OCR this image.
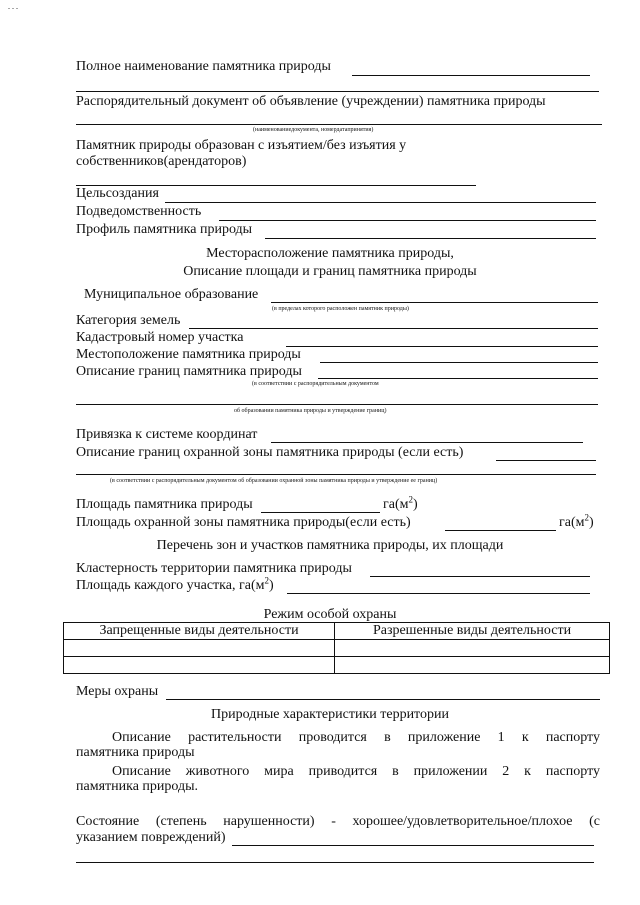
. . .
Полное наименование памятника природы
Распорядительный документ об объявление (учреждении) памятника природы
(наименованиедокумента, номердатапринятия)
Памятник природы образован с изъятием/без изъятия у
собственников(арендаторов)
Цельсоздания
Подведомственность
Профиль памятника природы
Месторасположение памятника природы,
Описание площади и границ памятника природы
Муниципальное образование
(в пределах которого расположен памятник природы)
Категория земель
Кадастровый номер участка
Местоположение памятника природы
Описание границ памятника природы
(в соответствии с распорядительным документом
об образовании памятника природы и утверждение границ)
Привязка к системе координат
Описание границ охранной зоны памятника природы (если есть)
(в соответствии с распорядительным документом об образовании охранной зоны памятника природы и утверждение ее границ)
Площадь памятника природы	$га(м^2)$
Площадь охранной зоны памятника природы(если есть)	$га(м^2)$
Перечень зон и участков памятника природы, их площади
Кластерность территории памятника природы
Площадь каждого участка, $га(м^2)$
Режим особой охраны
Запрещенные виды деятельности	Разрешенные виды деятельности

Меры охраны
Природные характеристики территории
Описание растительности проводится в приложение 1 к паспорту
памятника природы
Описание животного мира приводится в приложении 2 к паспорту
памятника природы.
Состояние (степень нарушенности) - хорошее/удовлетворительное/плохое (с
указанием повреждений)
